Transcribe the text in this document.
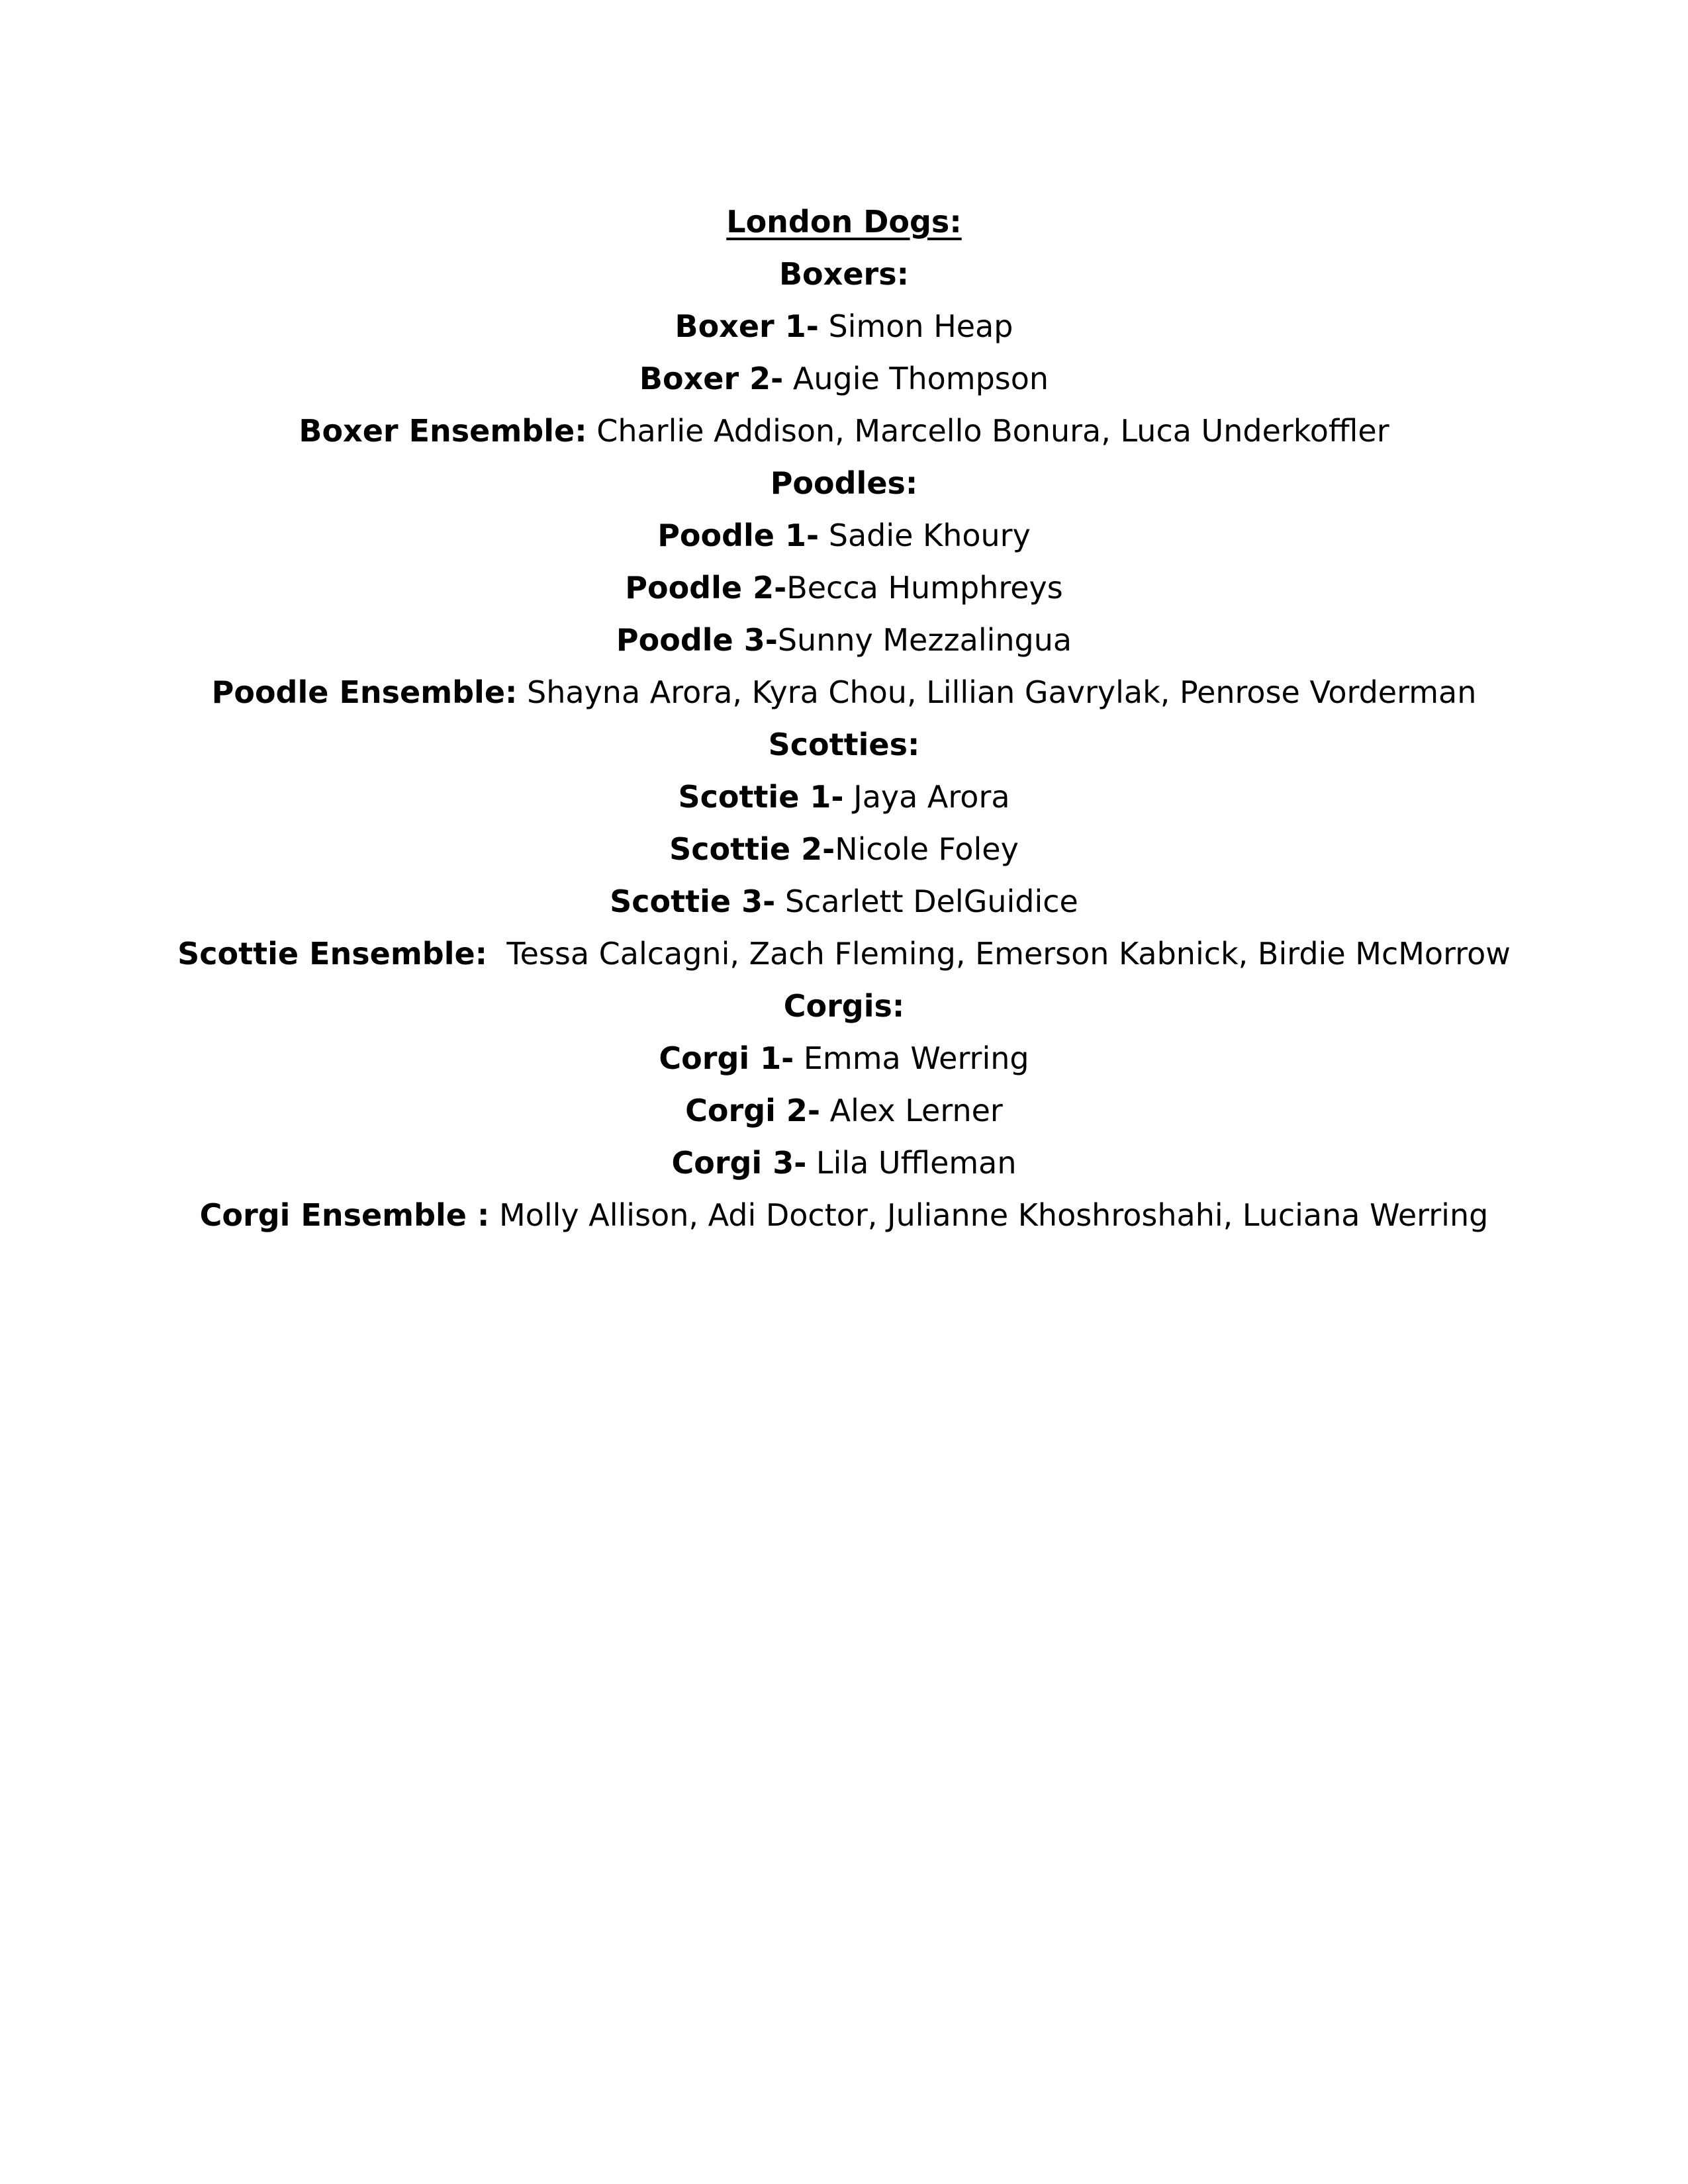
London Dogs:
Boxers:
Boxer 1- Simon Heap
Boxer 2- Augie Thompson
Boxer Ensemble: Charlie Addison, Marcello Bonura, Luca Underkoffler
Poodles:
Poodle 1- Sadie Khoury
Poodle 2-Becca Humphreys
Poodle 3-Sunny Mezzalingua
Poodle Ensemble: Shayna Arora, Kyra Chou, Lillian Gavrylak, Penrose Vorderman
Scotties:
Scottie 1- Jaya Arora
Scottie 2-Nicole Foley
Scottie 3- Scarlett DelGuidice
Scottie Ensemble:  Tessa Calcagni, Zach Fleming, Emerson Kabnick, Birdie McMorrow
Corgis:
Corgi 1- Emma Werring
Corgi 2- Alex Lerner
Corgi 3- Lila Uffleman
Corgi Ensemble : Molly Allison, Adi Doctor, Julianne Khoshroshahi, Luciana Werring
